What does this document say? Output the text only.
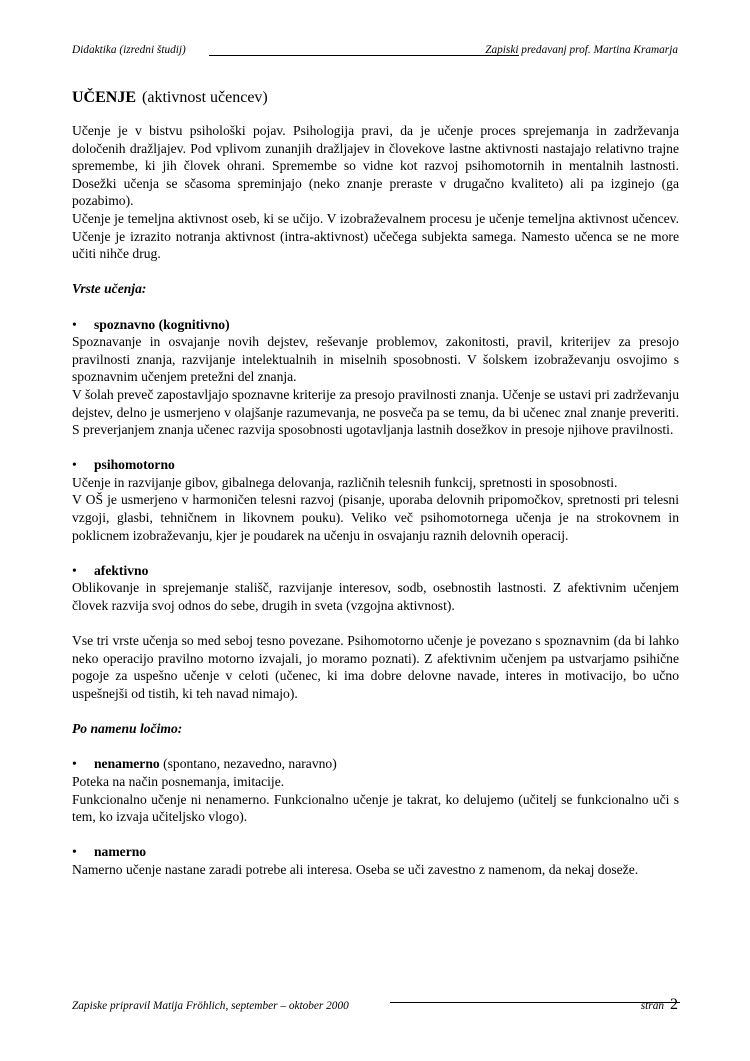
Didaktika (izredni študij)	Zapiski predavanj prof. Martina Kramarja

UČENJE (aktivnost učencev)

Učenje je v bistvu psihološki pojav. Psihologija pravi, da je učenje proces sprejemanja in zadrževanja določenih dražljajev. Pod vplivom zunanjih dražljajev in človekove lastne aktivnosti nastajajo relativno trajne spremembe, ki jih človek ohrani. Spremembe so vidne kot razvoj psihomotornih in mentalnih lastnosti. Dosežki učenja se sčasoma spreminjajo (neko znanje preraste v drugačno kvaliteto) ali pa izginejo (ga pozabimo).

Učenje je temeljna aktivnost oseb, ki se učijo. V izobraževalnem procesu je učenje temeljna aktivnost učencev. Učenje je izrazito notranja aktivnost (intra-aktivnost) učečega subjekta samega. Namesto učenca se ne more učiti nihče drug.

Vrste učenja:

• spoznavno (kognitivno)

Spoznavanje in osvajanje novih dejstev, reševanje problemov, zakonitosti, pravil, kriterijev za presojo pravilnosti znanja, razvijanje intelektualnih in miselnih sposobnosti. V šolskem izobraževanju osvojimo s spoznavnim učenjem pretežni del znanja.

V šolah preveč zapostavljajo spoznavne kriterije za presojo pravilnosti znanja. Učenje se ustavi pri zadrževanju dejstev, delno je usmerjeno v olajšanje razumevanja, ne posveča pa se temu, da bi učenec znal znanje preveriti. S preverjanjem znanja učenec razvija sposobnosti ugotavljanja lastnih dosežkov in presoje njihove pravilnosti.

• psihomotorno

Učenje in razvijanje gibov, gibalnega delovanja, različnih telesnih funkcij, spretnosti in sposobnosti.

V OŠ je usmerjeno v harmoničen telesni razvoj (pisanje, uporaba delovnih pripomočkov, spretnosti pri telesni vzgoji, glasbi, tehničnem in likovnem pouku). Veliko več psihomotornega učenja je na strokovnem in poklicnem izobraževanju, kjer je poudarek na učenju in osvajanju raznih delovnih operacij.

• afektivno

Oblikovanje in sprejemanje stališč, razvijanje interesov, sodb, osebnostih lastnosti. Z afektivnim učenjem človek razvija svoj odnos do sebe, drugih in sveta (vzgojna aktivnost).

Vse tri vrste učenja so med seboj tesno povezane. Psihomotorno učenje je povezano s spoznavnim (da bi lahko neko operacijo pravilno motorno izvajali, jo moramo poznati). Z afektivnim učenjem pa ustvarjamo psihične pogoje za uspešno učenje v celoti (učenec, ki ima dobre delovne navade, interes in motivacijo, bo učno uspešnejši od tistih, ki teh navad nimajo).

Po namenu ločimo:

• nenamerno (spontano, nezavedno, naravno)

Poteka na način posnemanja, imitacije.

Funkcionalno učenje ni nenamerno. Funkcionalno učenje je takrat, ko delujemo (učitelj se funkcionalno uči s tem, ko izvaja učiteljsko vlogo).

• namerno

Namerno učenje nastane zaradi potrebe ali interesa. Oseba se uči zavestno z namenom, da nekaj doseže.

Zapiske pripravil Matija Fröhlich, september – oktober 2000	stran 2
